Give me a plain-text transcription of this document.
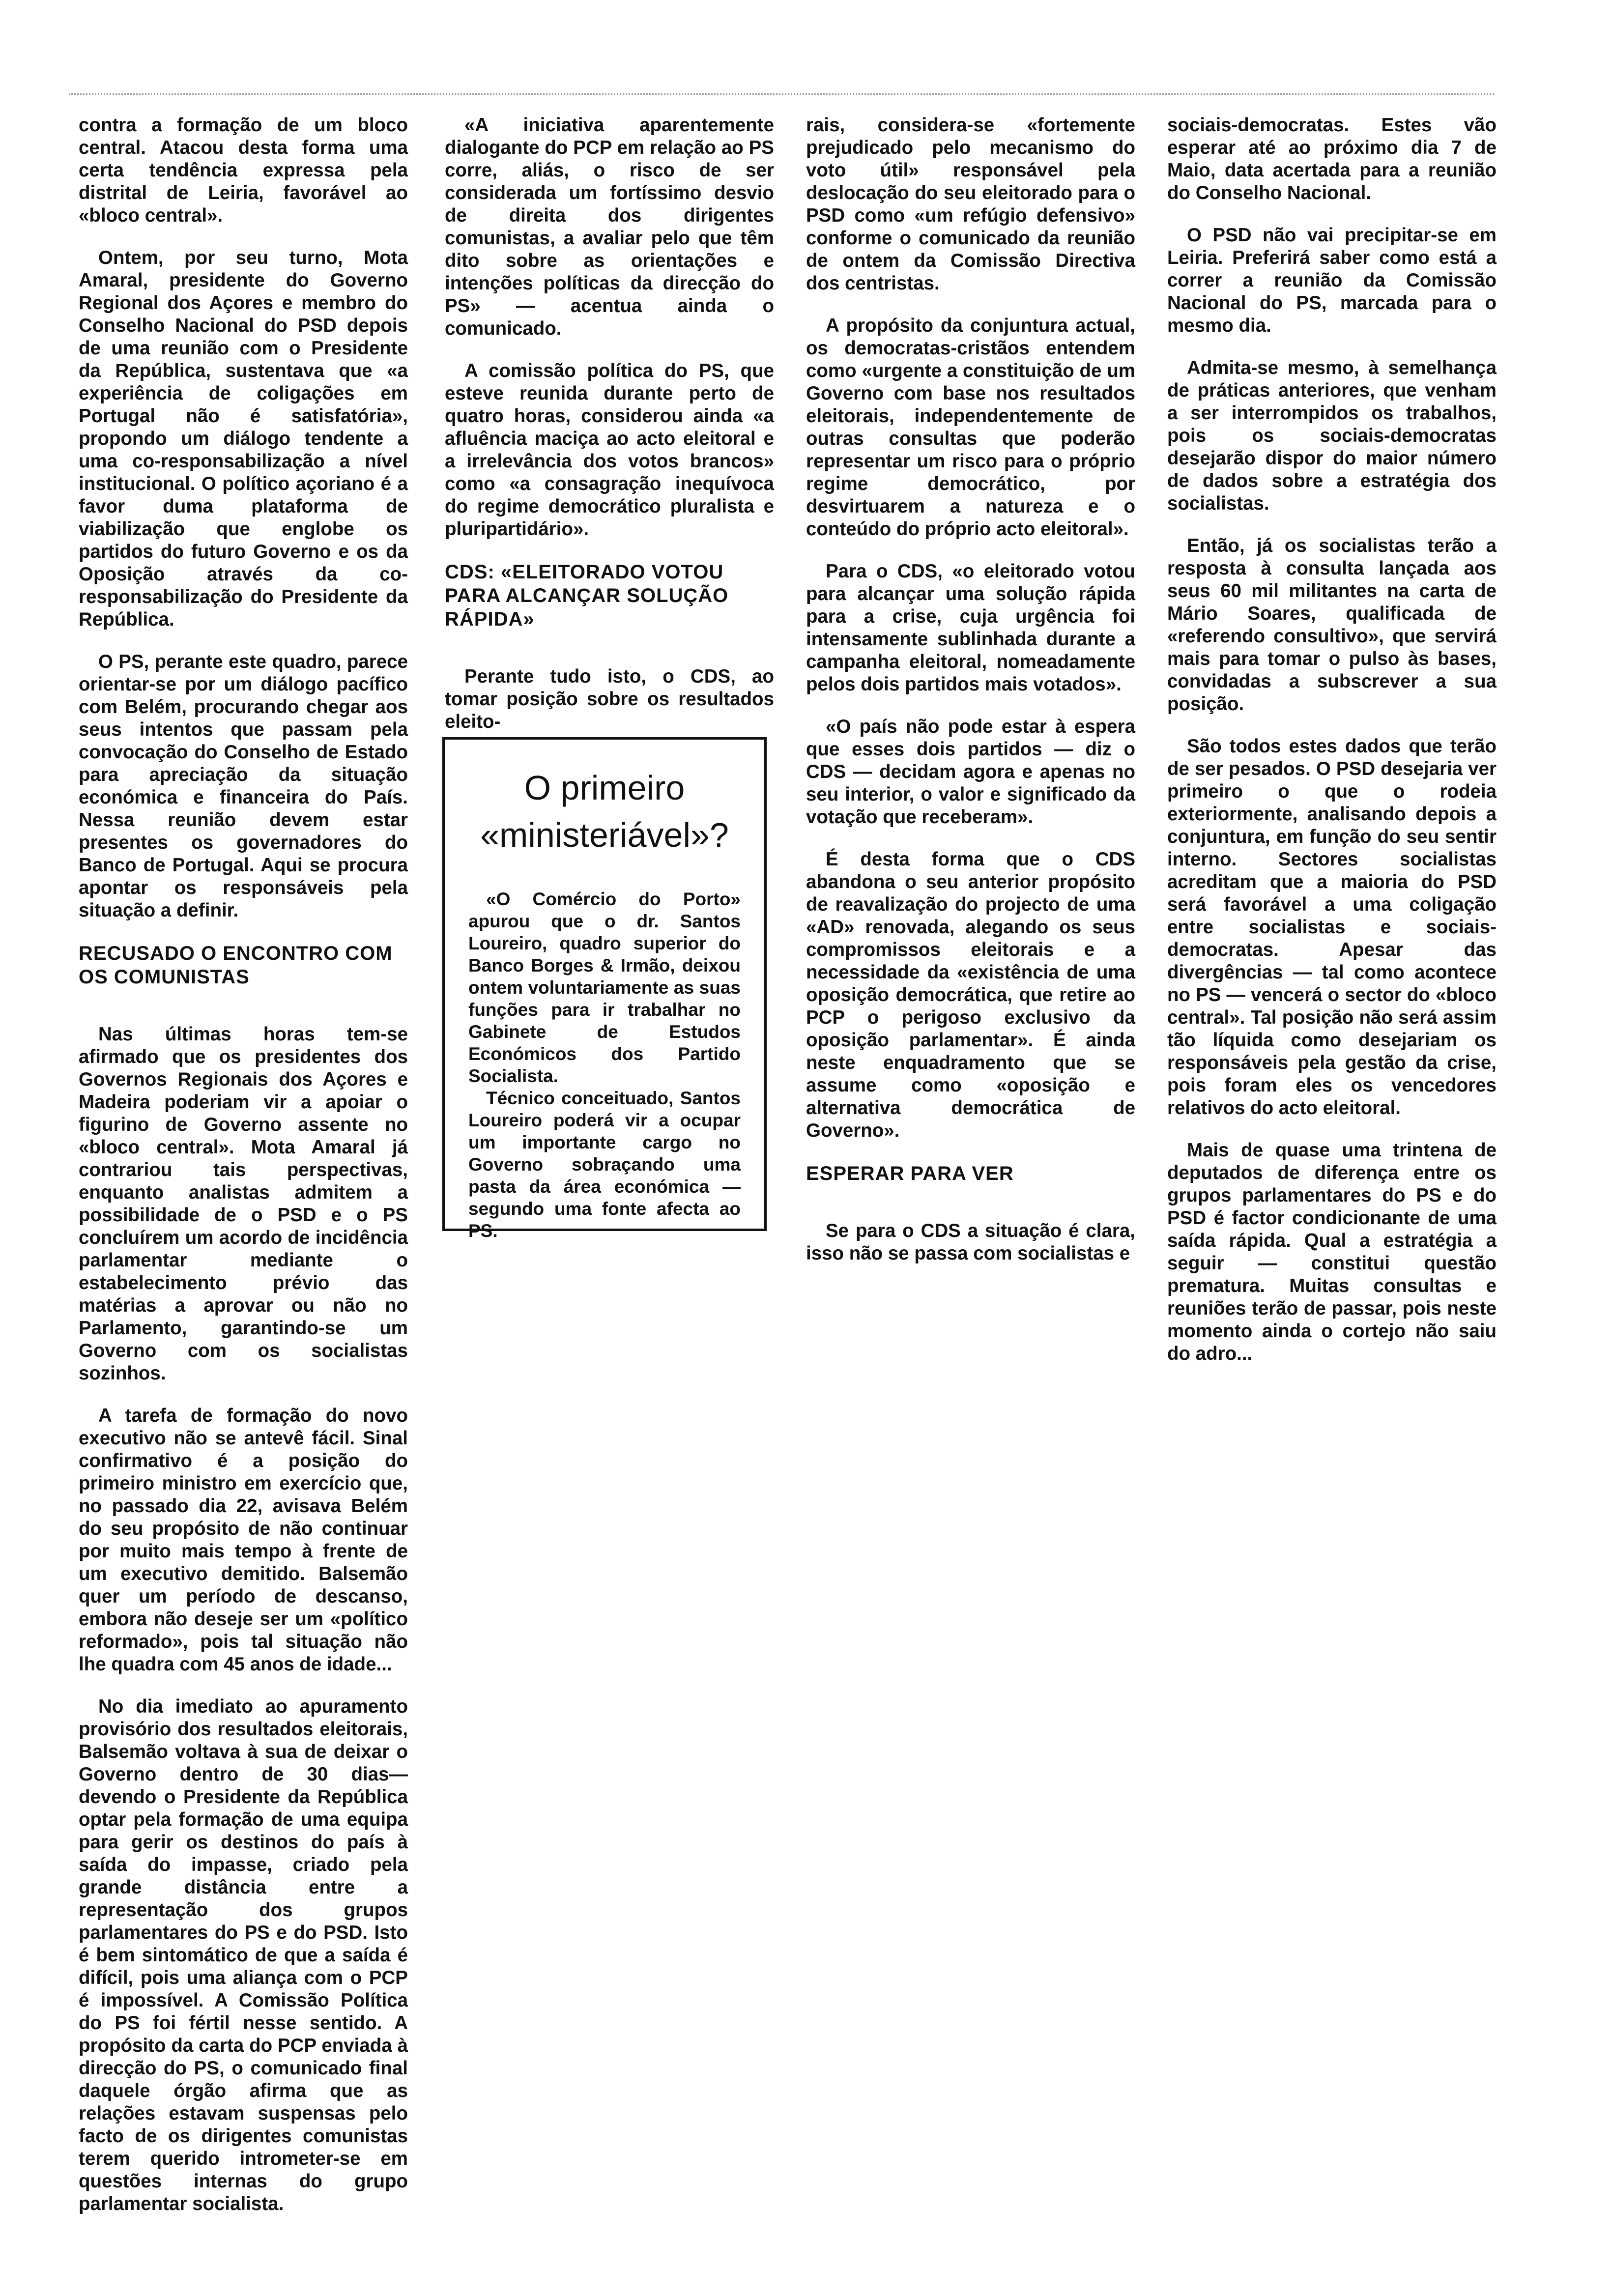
contra a formação de um bloco central. Atacou desta forma uma certa tendência expressa pela distrital de Leiria, favorável ao «bloco central».

Ontem, por seu turno, Mota Amaral, presidente do Governo Regional dos Açores e membro do Conselho Nacional do PSD depois de uma reunião com o Presidente da República, sustentava que «a experiência de coligações em Portugal não é satisfatória», propondo um diálogo tendente a uma co-responsabilização a nível institucional. O político açoriano é a favor duma plataforma de viabilização que englobe os partidos do futuro Governo e os da Oposição através da co-responsabilização do Presidente da República.

O PS, perante este quadro, parece orientar-se por um diálogo pacífico com Belém, procurando chegar aos seus intentos que passam pela convocação do Conselho de Estado para apreciação da situação económica e financeira do País. Nessa reunião devem estar presentes os governadores do Banco de Portugal. Aqui se procura apontar os responsáveis pela situação a definir.

RECUSADO O ENCONTRO COM OS COMUNISTAS

Nas últimas horas tem-se afirmado que os presidentes dos Governos Regionais dos Açores e Madeira poderiam vir a apoiar o figurino de Governo assente no «bloco central». Mota Amaral já contrariou tais perspectivas, enquanto analistas admitem a possibilidade de o PSD e o PS concluírem um acordo de incidência parlamentar mediante o estabelecimento prévio das matérias a aprovar ou não no Parlamento, garantindo-se um Governo com os socialistas sozinhos.

A tarefa de formação do novo executivo não se antevê fácil. Sinal confirmativo é a posição do primeiro ministro em exercício que, no passado dia 22, avisava Belém do seu propósito de não continuar por muito mais tempo à frente de um executivo demitido. Balsemão quer um período de descanso, embora não deseje ser um «político reformado», pois tal situação não lhe quadra com 45 anos de idade...

No dia imediato ao apuramento provisório dos resultados eleitorais, Balsemão voltava à sua de deixar o Governo dentro de 30 dias—devendo o Presidente da República optar pela formação de uma equipa para gerir os destinos do país à saída do impasse, criado pela grande distância entre a representação dos grupos parlamentares do PS e do PSD. Isto é bem sintomático de que a saída é difícil, pois uma aliança com o PCP é impossível. A Comissão Política do PS foi fértil nesse sentido. A propósito da carta do PCP enviada à direcção do PS, o comunicado final daquele órgão afirma que as relações estavam suspensas pelo facto de os dirigentes comunistas terem querido intrometer-se em questões internas do grupo parlamentar socialista.

«A iniciativa aparentemente dialogante do PCP em relação ao PS corre, aliás, o risco de ser considerada um fortíssimo desvio de direita dos dirigentes comunistas, a avaliar pelo que têm dito sobre as orientações e intenções políticas da direcção do PS» — acentua ainda o comunicado.

A comissão política do PS, que esteve reunida durante perto de quatro horas, considerou ainda «a afluência maciça ao acto eleitoral e a irrelevância dos votos brancos» como «a consagração inequívoca do regime democrático pluralista e pluripartidário».

CDS: «ELEITORADO VOTOU PARA ALCANÇAR SOLUÇÃO RÁPIDA»

Perante tudo isto, o CDS, ao tomar posição sobre os resultados eleito-

O primeiro «ministeriável»?

«O Comércio do Porto» apurou que o dr. Santos Loureiro, quadro superior do Banco Borges & Irmão, deixou ontem voluntariamente as suas funções para ir trabalhar no Gabinete de Estudos Económicos dos Partido Socialista.

Técnico conceituado, Santos Loureiro poderá vir a ocupar um importante cargo no Governo sobraçando uma pasta da área económica — segundo uma fonte afecta ao PS.

rais, considera-se «fortemente prejudicado pelo mecanismo do voto útil» responsável pela deslocação do seu eleitorado para o PSD como «um refúgio defensivo» conforme o comunicado da reunião de ontem da Comissão Directiva dos centristas.

A propósito da conjuntura actual, os democratas-cristãos entendem como «urgente a constituição de um Governo com base nos resultados eleitorais, independentemente de outras consultas que poderão representar um risco para o próprio regime democrático, por desvirtuarem a natureza e o conteúdo do próprio acto eleitoral».

Para o CDS, «o eleitorado votou para alcançar uma solução rápida para a crise, cuja urgência foi intensamente sublinhada durante a campanha eleitoral, nomeadamente pelos dois partidos mais votados».

«O país não pode estar à espera que esses dois partidos — diz o CDS — decidam agora e apenas no seu interior, o valor e significado da votação que receberam».

É desta forma que o CDS abandona o seu anterior propósito de reavalização do projecto de uma «AD» renovada, alegando os seus compromissos eleitorais e a necessidade da «existência de uma oposição democrática, que retire ao PCP o perigoso exclusivo da oposição parlamentar». É ainda neste enquadramento que se assume como «oposição e alternativa democrática de Governo».

ESPERAR PARA VER

Se para o CDS a situação é clara, isso não se passa com socialistas e

sociais-democratas. Estes vão esperar até ao próximo dia 7 de Maio, data acertada para a reunião do Conselho Nacional.

O PSD não vai precipitar-se em Leiria. Preferirá saber como está a correr a reunião da Comissão Nacional do PS, marcada para o mesmo dia.

Admita-se mesmo, à semelhança de práticas anteriores, que venham a ser interrompidos os trabalhos, pois os sociais-democratas desejarão dispor do maior número de dados sobre a estratégia dos socialistas.

Então, já os socialistas terão a resposta à consulta lançada aos seus 60 mil militantes na carta de Mário Soares, qualificada de «referendo consultivo», que servirá mais para tomar o pulso às bases, convidadas a subscrever a sua posição.

São todos estes dados que terão de ser pesados. O PSD desejaria ver primeiro o que o rodeia exteriormente, analisando depois a conjuntura, em função do seu sentir interno. Sectores socialistas acreditam que a maioria do PSD será favorável a uma coligação entre socialistas e sociais-democratas. Apesar das divergências — tal como acontece no PS — vencerá o sector do «bloco central». Tal posição não será assim tão líquida como desejariam os responsáveis pela gestão da crise, pois foram eles os vencedores relativos do acto eleitoral.

Mais de quase uma trintena de deputados de diferença entre os grupos parlamentares do PS e do PSD é factor condicionante de uma saída rápida. Qual a estratégia a seguir — constitui questão prematura. Muitas consultas e reuniões terão de passar, pois neste momento ainda o cortejo não saiu do adro...
